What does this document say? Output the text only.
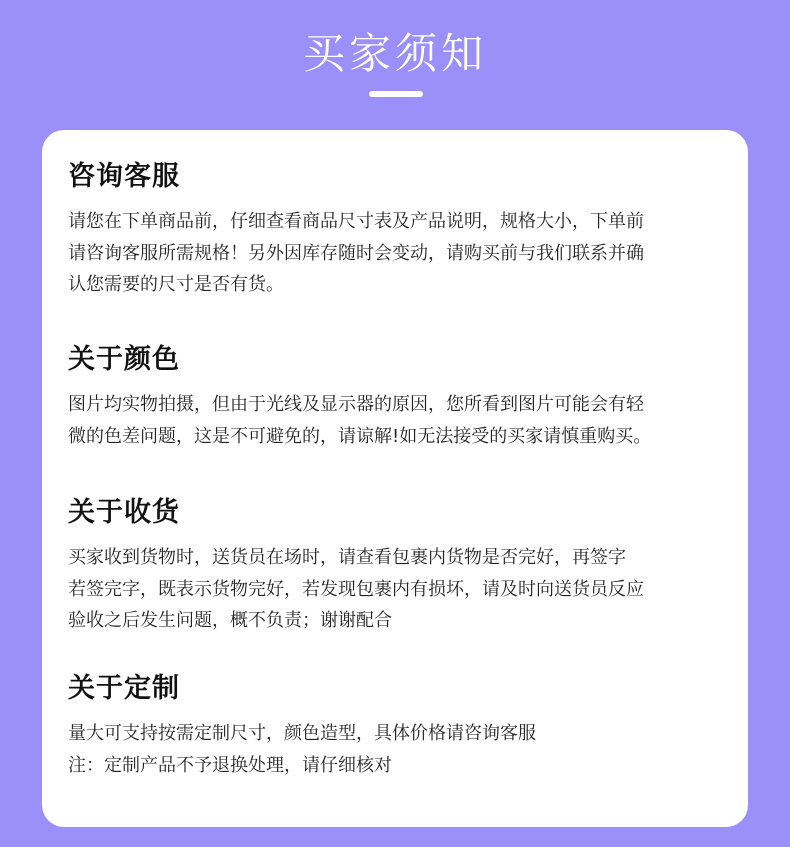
买家须知
咨询客服

请您在下单商品前，仔细查看商品尺寸表及产品说明，规格大小，下单前

请咨询客服所需规格！另外因库存随时会变动，请购买前与我们联系并确

认您需要的尺寸是否有货。

关于颜色

图片均实物拍摄，但由于光线及显示器的原因，您所看到图片可能会有轻

微的色差问题，这是不可避免的，请谅解!如无法接受的买家请慎重购买。

关于收货

买家收到货物时，送货员在场时，请查看包裹内货物是否完好，再签字

若签完字，既表示货物完好，若发现包裹内有损坏，请及时向送货员反应

验收之后发生问题，概不负责；谢谢配合

关于定制

量大可支持按需定制尺寸，颜色造型，具体价格请咨询客服

注：定制产品不予退换处理，请仔细核对
